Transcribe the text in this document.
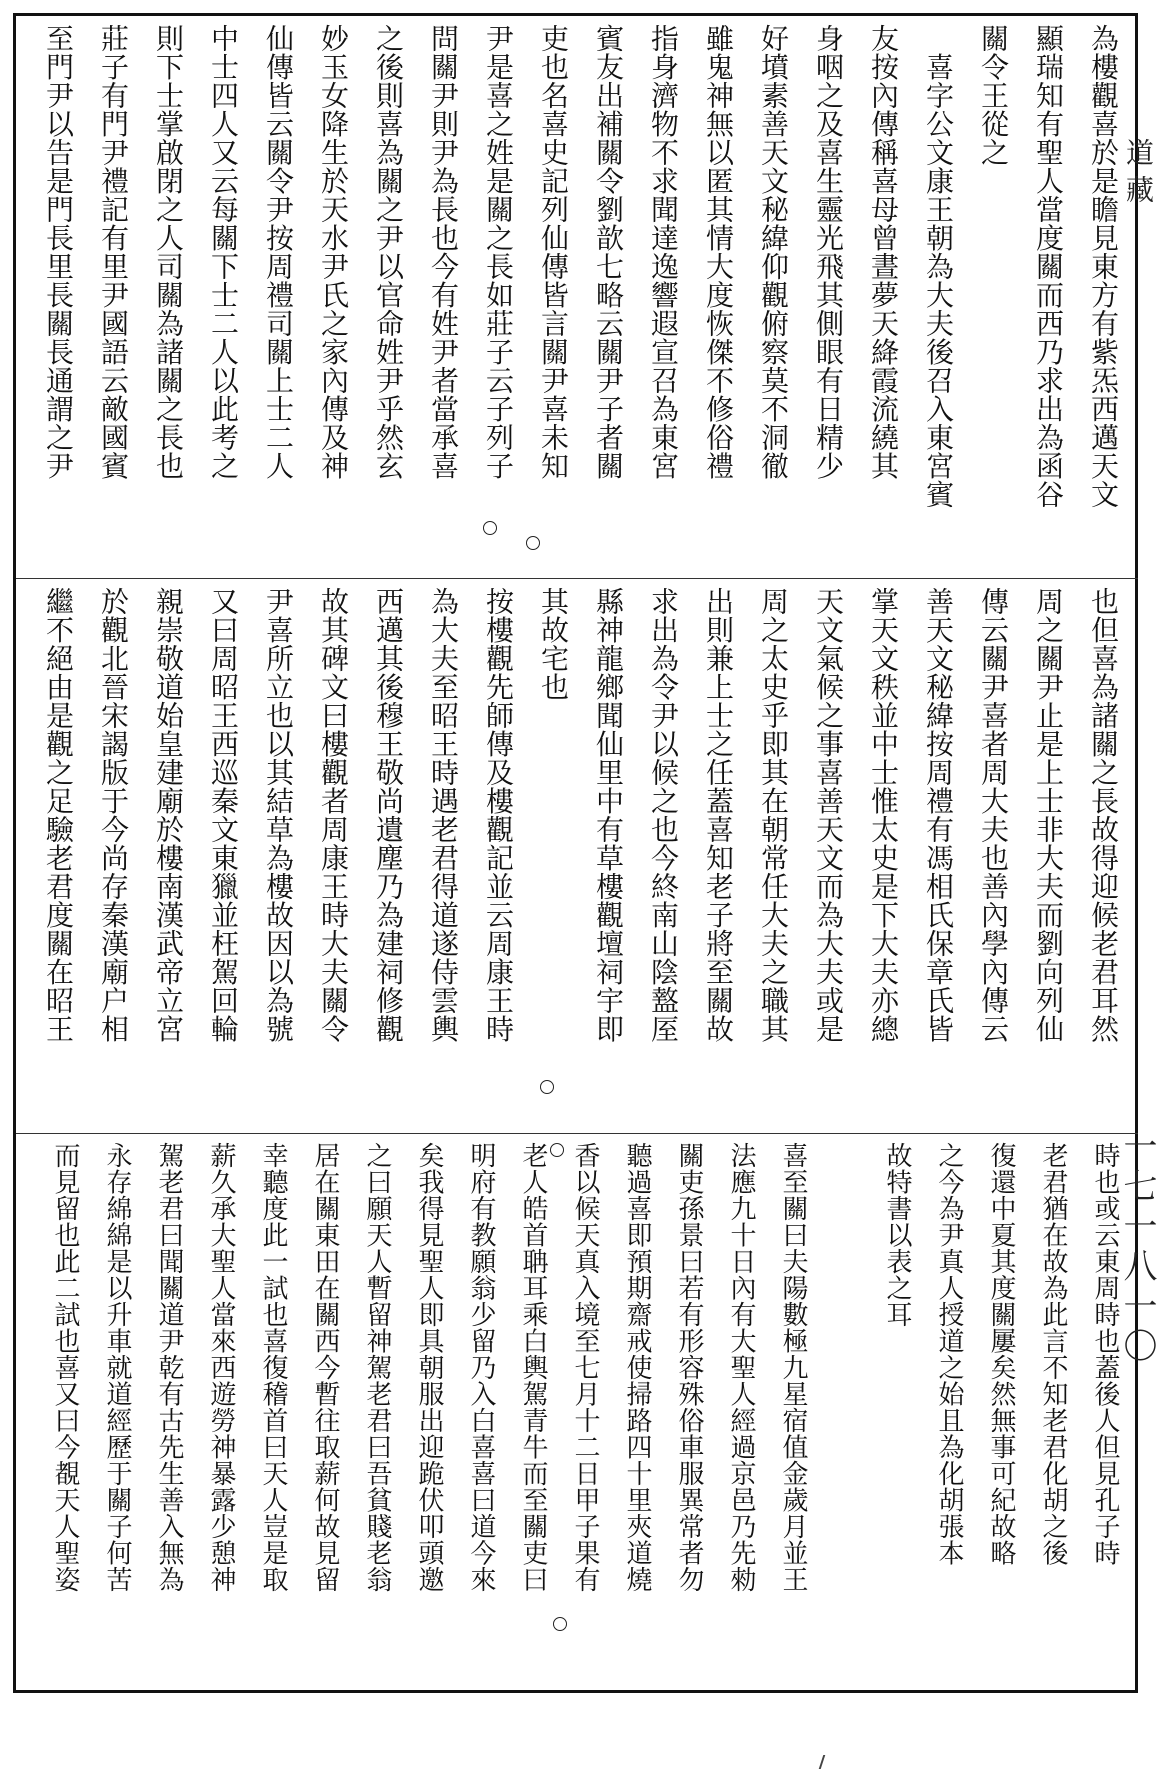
為樓觀喜於是瞻見東方有紫炁西邁天文
顯瑞知有聖人當度關而西乃求出為函谷
關令王從之
　喜字公文康王朝為大夫後召入東宮賓
友按內傳稱喜母曾晝夢天絳霞流繞其
身咽之及喜生靈光飛其側眼有日精少
好墳素善天文秘緯仰觀俯察莫不洞徹
雖鬼神無以匿其情大度恢傑不修俗禮
指身濟物不求聞達逸響遐宣召為東宮
賓友出補關令劉歆七略云關尹子者關
吏也名喜史記列仙傳皆言關尹喜未知
尹是喜之姓是關之長如莊子云子列子
問關尹則尹為長也今有姓尹者當承喜
之後則喜為關之尹以官命姓尹乎然玄
妙玉女降生於天水尹氏之家內傳及神
仙傳皆云關令尹按周禮司關上士二人
中士四人又云每關下士二人以此考之
則下士掌啟閉之人司關為諸關之長也
莊子有門尹禮記有里尹國語云敵國賓
至門尹以告是門長里長關長通謂之尹
也但喜為諸關之長故得迎候老君耳然
周之關尹止是上士非大夫而劉向列仙
傳云關尹喜者周大夫也善內學內傳云
善天文秘緯按周禮有馮相氏保章氏皆
掌天文秩並中士惟太史是下大夫亦總
天文氣候之事喜善天文而為大夫或是
周之太史乎即其在朝常任大夫之職其
出則兼上士之任蓋喜知老子將至關故
求出為令尹以候之也今終南山陰盩厔
縣神龍鄉聞仙里中有草樓觀壇祠宇即
其故宅也
按樓觀先師傳及樓觀記並云周康王時
為大夫至昭王時遇老君得道遂侍雲輿
西邁其後穆王敬尚遺塵乃為建祠修觀
故其碑文曰樓觀者周康王時大夫關令
尹喜所立也以其結草為樓故因以為號
又曰周昭王西巡秦文東獵並枉駕回輪
親崇敬道始皇建廟於樓南漢武帝立宮
於觀北晉宋謁版于今尚存秦漢廟户相
繼不絕由是觀之足驗老君度關在昭王
時也或云東周時也蓋後人但見孔子時
老君猶在故為此言不知老君化胡之後
復還中夏其度關屢矣然無事可紀故略
之今為尹真人授道之始且為化胡張本
故特書以表之耳
喜至關曰夫陽數極九星宿值金歲月並王
法應九十日內有大聖人經過京邑乃先勑
關吏孫景曰若有形容殊俗車服異常者勿
聽過喜即預期齋戒使掃路四十里夾道燒
香以候天真入境至七月十二日甲子果有
老人皓首聃耳乘白輿駕青牛而至關吏曰
明府有教願翁少留乃入白喜喜曰道今來
矣我得見聖人即具朝服出迎跪伏叩頭邀
之曰願天人暫留神駕老君曰吾貧賤老翁
居在關東田在關西今暫往取薪何故見留
幸聽度此一試也喜復稽首曰天人豈是取
薪久承大聖人當來西遊勞神暴露少憩神
駕老君曰聞關道尹乾有古先生善入無為
永存綿綿是以升車就道經歷于關子何苦
而見留也此二試也喜又曰今覩天人聖姿
道 藏
一七一八一〇
